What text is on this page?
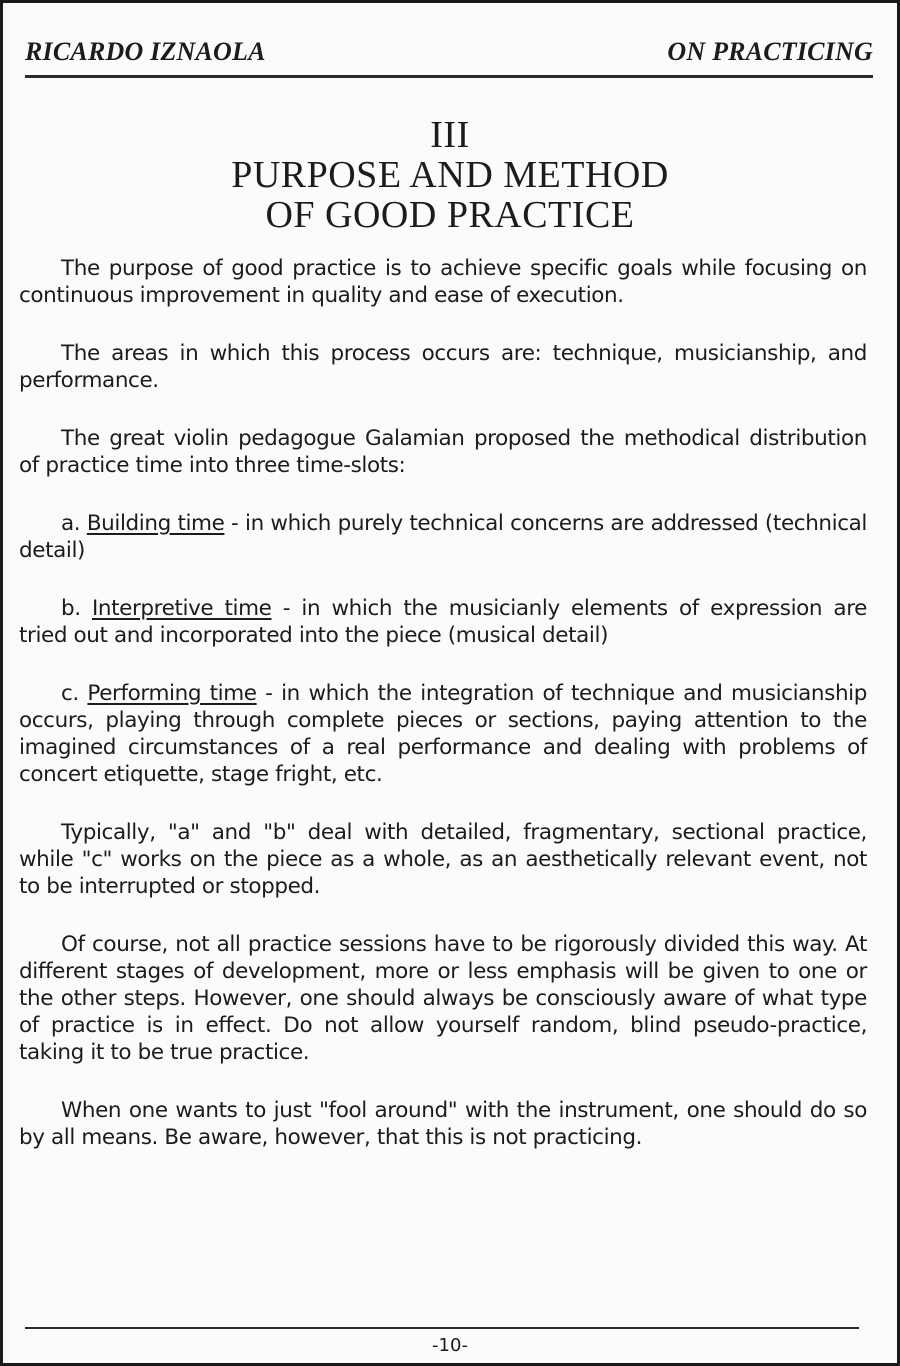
RICARDO IZNAOLA	ON PRACTICING
III
PURPOSE AND METHOD
OF GOOD PRACTICE

The purpose of good practice is to achieve specific goals while focusing on continuous improvement in quality and ease of execution.

The areas in which this process occurs are: technique, musicianship, and performance.

The great violin pedagogue Galamian proposed the methodical distribution of practice time into three time-slots:

a. Building time - in which purely technical concerns are addressed (technical detail)

b. Interpretive time - in which the musicianly elements of expression are tried out and incorporated into the piece (musical detail)

c. Performing time - in which the integration of technique and musicianship occurs, playing through complete pieces or sections, paying attention to the imagined circumstances of a real performance and dealing with problems of concert etiquette, stage fright, etc.

Typically, "a" and "b" deal with detailed, fragmentary, sectional practice, while "c" works on the piece as a whole, as an aesthetically relevant event, not to be interrupted or stopped.

Of course, not all practice sessions have to be rigorously divided this way. At different stages of development, more or less emphasis will be given to one or the other steps. However, one should always be consciously aware of what type of practice is in effect. Do not allow yourself random, blind pseudo-practice, taking it to be true practice.

When one wants to just "fool around" with the instrument, one should do so by all means. Be aware, however, that this is not practicing.

-10-
